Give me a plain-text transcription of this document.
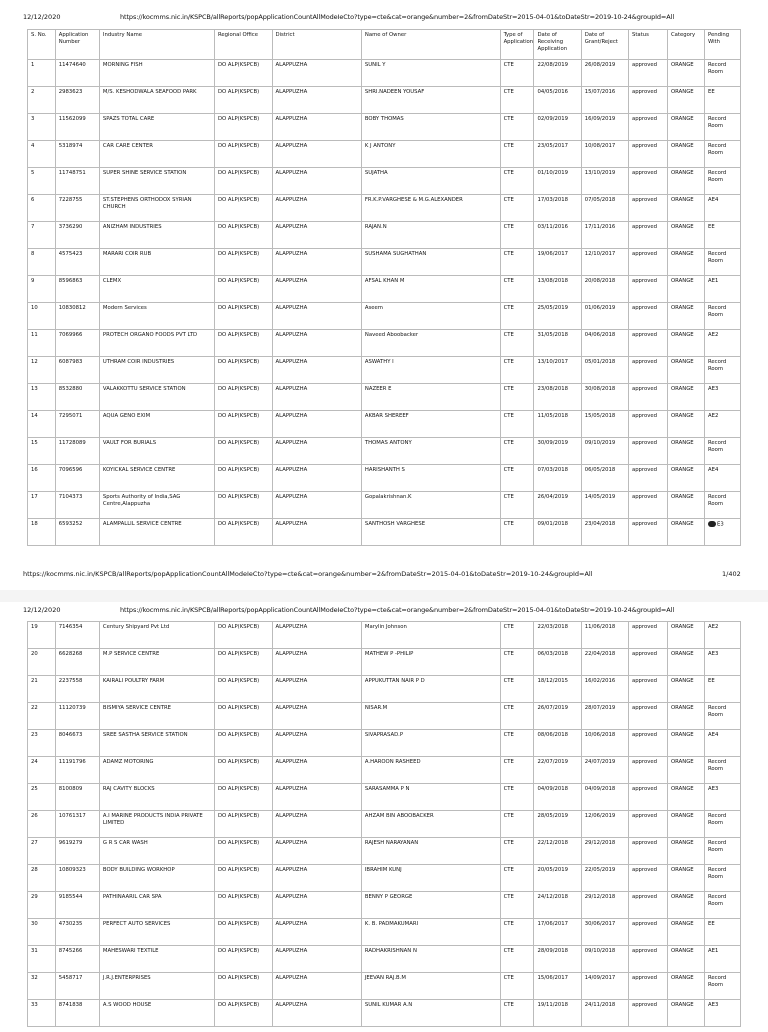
12/12/2020	https://kocmms.nic.in/KSPCB/allReports/popApplicationCountAllModeIeCto?type=cte&cat=orange&number=2&fromDateStr=2015-04-01&toDateStr=2019-10-24&groupId=All
S. No.	Application Number	Industry Name	Regional Office	District	Name of Owner	Type of Application	Date of Receiving Application	Date of Grant/Reject	Status	Category	Pending With
1	11474640	MORNING FISH	DO ALP(KSPCB)	ALAPPUZHA	SUNIL Y	CTE	22/08/2019	26/08/2019	approved	ORANGE	Record Room
2	2983623	M/S. KESHODWALA SEAFOOD PARK	DO ALP(KSPCB)	ALAPPUZHA	SHRI.NADEEN YOUSAF	CTE	04/05/2016	15/07/2016	approved	ORANGE	EE
3	11562099	SPAZS TOTAL CARE	DO ALP(KSPCB)	ALAPPUZHA	BOBY THOMAS	CTE	02/09/2019	16/09/2019	approved	ORANGE	Record Room
4	5318974	CAR CARE CENTER	DO ALP(KSPCB)	ALAPPUZHA	K J ANTONY	CTE	23/05/2017	10/08/2017	approved	ORANGE	Record Room
5	11748751	SUPER SHINE SERVICE STATION	DO ALP(KSPCB)	ALAPPUZHA	SUJATHA	CTE	01/10/2019	13/10/2019	approved	ORANGE	Record Room
6	7228755	ST.STEPHENS ORTHODOX SYRIAN CHURCH	DO ALP(KSPCB)	ALAPPUZHA	FR.K.P.VARGHESE & M.G.ALEXANDER	CTE	17/03/2018	07/05/2018	approved	ORANGE	AE4
7	3736290	ANIZHAM INDUSTRIES	DO ALP(KSPCB)	ALAPPUZHA	RAJAN.N	CTE	03/11/2016	17/11/2016	approved	ORANGE	EE
8	4575423	MARARI COIR RUB	DO ALP(KSPCB)	ALAPPUZHA	SUSHAMA SUGHATHAN	CTE	19/06/2017	12/10/2017	approved	ORANGE	Record Room
9	8596863	CLEMX	DO ALP(KSPCB)	ALAPPUZHA	AFSAL KHAN M	CTE	13/08/2018	20/08/2018	approved	ORANGE	AE1
10	10830812	Modern Services	DO ALP(KSPCB)	ALAPPUZHA	Aseem	CTE	25/05/2019	01/06/2019	approved	ORANGE	Record Room
11	7069966	PROTECH ORGANO FOODS PVT LTD	DO ALP(KSPCB)	ALAPPUZHA	Naveed Aboobacker	CTE	31/05/2018	04/06/2018	approved	ORANGE	AE2
12	6087983	UTHRAM COIR INDUSTRIES	DO ALP(KSPCB)	ALAPPUZHA	ASWATHY I	CTE	13/10/2017	05/01/2018	approved	ORANGE	Record Room
13	8532880	VALAKKOTTU SERVICE STATION	DO ALP(KSPCB)	ALAPPUZHA	NAZEER E	CTE	23/08/2018	30/08/2018	approved	ORANGE	AE3
14	7295071	AQUA GENO EXIM	DO ALP(KSPCB)	ALAPPUZHA	AKBAR SHEREEF	CTE	11/05/2018	15/05/2018	approved	ORANGE	AE2
15	11728089	VAULT FOR BURIALS	DO ALP(KSPCB)	ALAPPUZHA	THOMAS ANTONY	CTE	30/09/2019	09/10/2019	approved	ORANGE	Record Room
16	7096596	KOYICKAL SERVICE CENTRE	DO ALP(KSPCB)	ALAPPUZHA	HARISHANTH S	CTE	07/03/2018	06/05/2018	approved	ORANGE	AE4
17	7104373	Sports Authority of India,SAG Centre,Alappuzha	DO ALP(KSPCB)	ALAPPUZHA	Gopalakrishnan.K	CTE	26/04/2019	14/05/2019	approved	ORANGE	Record Room
18	6593252	ALAMPALLIL SERVICE CENTRE	DO ALP(KSPCB)	ALAPPUZHA	SANTHOSH VARGHESE	CTE	09/01/2018	23/04/2018	approved	ORANGE	E3
https://kocmms.nic.in/KSPCB/allReports/popApplicationCountAllModeIeCto?type=cte&cat=orange&number=2&fromDateStr=2015-04-01&toDateStr=2019-10-24&groupId=All	1/402
12/12/2020	https://kocmms.nic.in/KSPCB/allReports/popApplicationCountAllModeIeCto?type=cte&cat=orange&number=2&fromDateStr=2015-04-01&toDateStr=2019-10-24&groupId=All
19	7146354	Century Shipyard Pvt Ltd	DO ALP(KSPCB)	ALAPPUZHA	Marylin Johnson	CTE	22/03/2018	11/06/2018	approved	ORANGE	AE2
20	6628268	M.P SERVICE CENTRE	DO ALP(KSPCB)	ALAPPUZHA	MATHEW P -PHILIP	CTE	06/03/2018	22/04/2018	approved	ORANGE	AE3
21	2237558	KAIRALI POULTRY FARM	DO ALP(KSPCB)	ALAPPUZHA	APPUKUTTAN NAIR P D	CTE	18/12/2015	16/02/2016	approved	ORANGE	EE
22	11120739	BISMIYA SERVICE CENTRE	DO ALP(KSPCB)	ALAPPUZHA	NISAR.M	CTE	26/07/2019	28/07/2019	approved	ORANGE	Record Room
23	8046673	SREE SASTHA SERVICE STATION	DO ALP(KSPCB)	ALAPPUZHA	SIVAPRASAD.P	CTE	08/06/2018	10/06/2018	approved	ORANGE	AE4
24	11191796	ADAMZ MOTORING	DO ALP(KSPCB)	ALAPPUZHA	A.HAROON RASHEED	CTE	22/07/2019	24/07/2019	approved	ORANGE	Record Room
25	8100809	RAJ CAVITY BLOCKS	DO ALP(KSPCB)	ALAPPUZHA	SARASAMMA P N	CTE	04/09/2018	04/09/2018	approved	ORANGE	AE3
26	10761317	A.I MARINE PRODUCTS INDIA PRIVATE LIMITED	DO ALP(KSPCB)	ALAPPUZHA	AHZAM BIN ABOOBACKER	CTE	28/05/2019	12/06/2019	approved	ORANGE	Record Room
27	9619279	G R S CAR WASH	DO ALP(KSPCB)	ALAPPUZHA	RAJESH NARAYANAN	CTE	22/12/2018	29/12/2018	approved	ORANGE	Record Room
28	10809323	BODY BUILDING WORKHOP	DO ALP(KSPCB)	ALAPPUZHA	IBRAHIM KUNJ	CTE	20/05/2019	22/05/2019	approved	ORANGE	Record Room
29	9185544	PATHINAARIL CAR SPA	DO ALP(KSPCB)	ALAPPUZHA	BENNY P GEORGE	CTE	24/12/2018	29/12/2018	approved	ORANGE	Record Room
30	4730235	PERFECT AUTO SERVICES	DO ALP(KSPCB)	ALAPPUZHA	K. B. PADMAKUMARI	CTE	17/06/2017	30/06/2017	approved	ORANGE	EE
31	8745266	MAHESWARI TEXTILE	DO ALP(KSPCB)	ALAPPUZHA	RADHAKRISHNAN N	CTE	28/09/2018	09/10/2018	approved	ORANGE	AE1
32	5458717	J.R.J.ENTERPRISES	DO ALP(KSPCB)	ALAPPUZHA	JEEVAN RAJ.B.M	CTE	15/06/2017	14/09/2017	approved	ORANGE	Record Room
33	8741838	A.S WOOD HOUSE	DO ALP(KSPCB)	ALAPPUZHA	SUNIL KUMAR A.N	CTE	19/11/2018	24/11/2018	approved	ORANGE	AE3
